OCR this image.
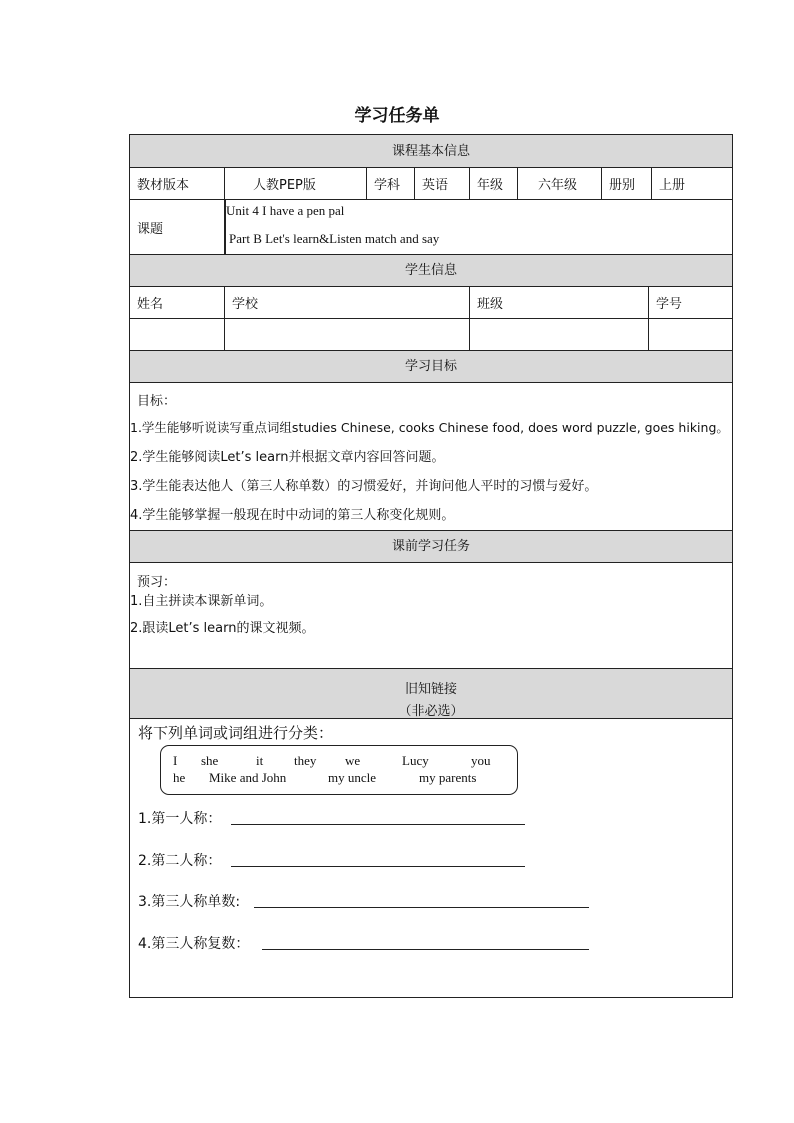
学习任务单
课程基本信息
教材版本	人教PEP版	学科	英语	年级	六年级	册别	上册
课题
Unit 4 I have a pen pal
Part B Let's learn&Listen match and say
学生信息
姓名	学校	班级	学号
学习目标
目标：
1.学生能够听说读写重点词组studies Chinese, cooks Chinese food, does word puzzle, goes hiking。
2.学生能够阅读Let’s learn并根据文章内容回答问题。
3.学生能表达他人（第三人称单数）的习惯爱好，并询问他人平时的习惯与爱好。
4.学生能够掌握一般现在时中动词的第三人称变化规则。
课前学习任务
预习：
1.自主拼读本课新单词。
2.跟读Let’s learn的课文视频。
旧知链接
（非必选）
将下列单词或词组进行分类：
I she	it they we	Lucy	you
he Mike and John	my uncle	my parents
1.第一人称：
2.第二人称：
3.第三人称单数:
4.第三人称复数：
